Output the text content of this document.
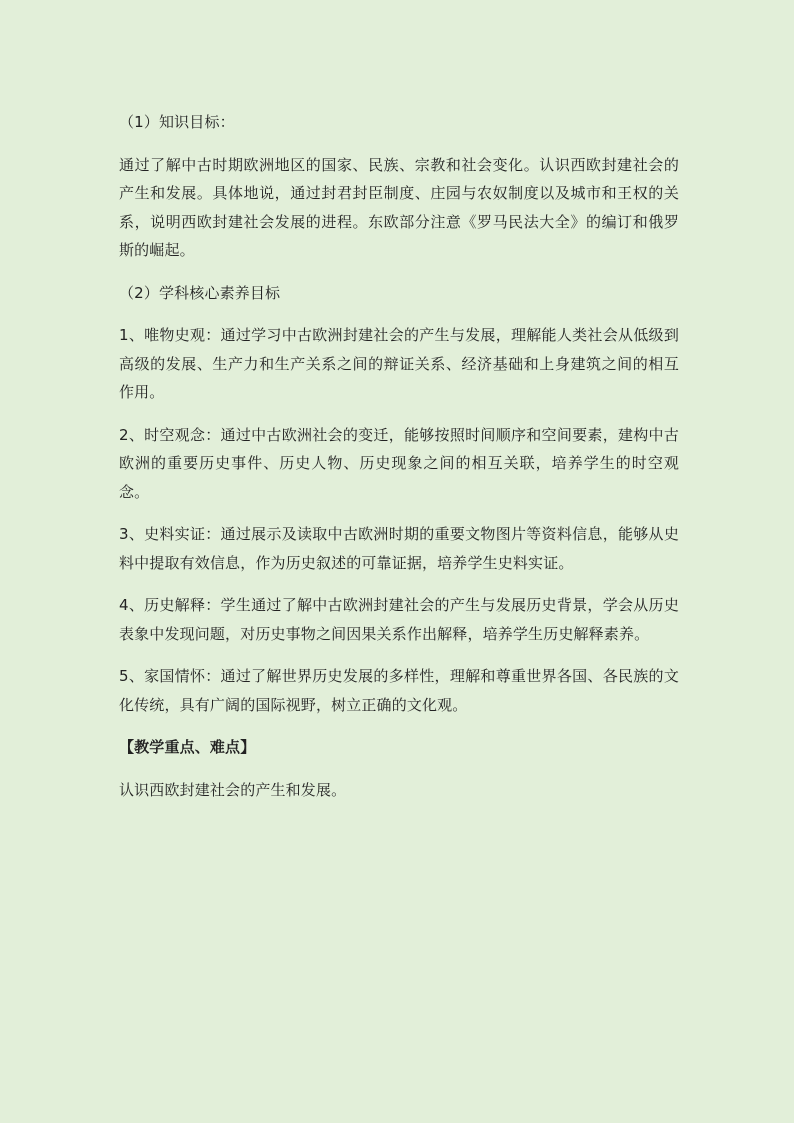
（1）知识目标：

通过了解中古时期欧洲地区的国家、民族、宗教和社会变化。认识西欧封建社会的产生和发展。具体地说，通过封君封臣制度、庄园与农奴制度以及城市和王权的关系，说明西欧封建社会发展的进程。东欧部分注意《罗马民法大全》的编订和俄罗斯的崛起。

（2）学科核心素养目标

1、唯物史观：通过学习中古欧洲封建社会的产生与发展，理解能人类社会从低级到高级的发展、生产力和生产关系之间的辩证关系、经济基础和上身建筑之间的相互作用。

2、时空观念：通过中古欧洲社会的变迁，能够按照时间顺序和空间要素，建构中古欧洲的重要历史事件、历史人物、历史现象之间的相互关联，培养学生的时空观念。

3、史料实证：通过展示及读取中古欧洲时期的重要文物图片等资料信息，能够从史料中提取有效信息，作为历史叙述的可靠证据，培养学生史料实证。

4、历史解释：学生通过了解中古欧洲封建社会的产生与发展历史背景，学会从历史表象中发现问题，对历史事物之间因果关系作出解释，培养学生历史解释素养。

5、家国情怀：通过了解世界历史发展的多样性，理解和尊重世界各国、各民族的文化传统，具有广阔的国际视野，树立正确的文化观。

【教学重点、难点】

认识西欧封建社会的产生和发展。
